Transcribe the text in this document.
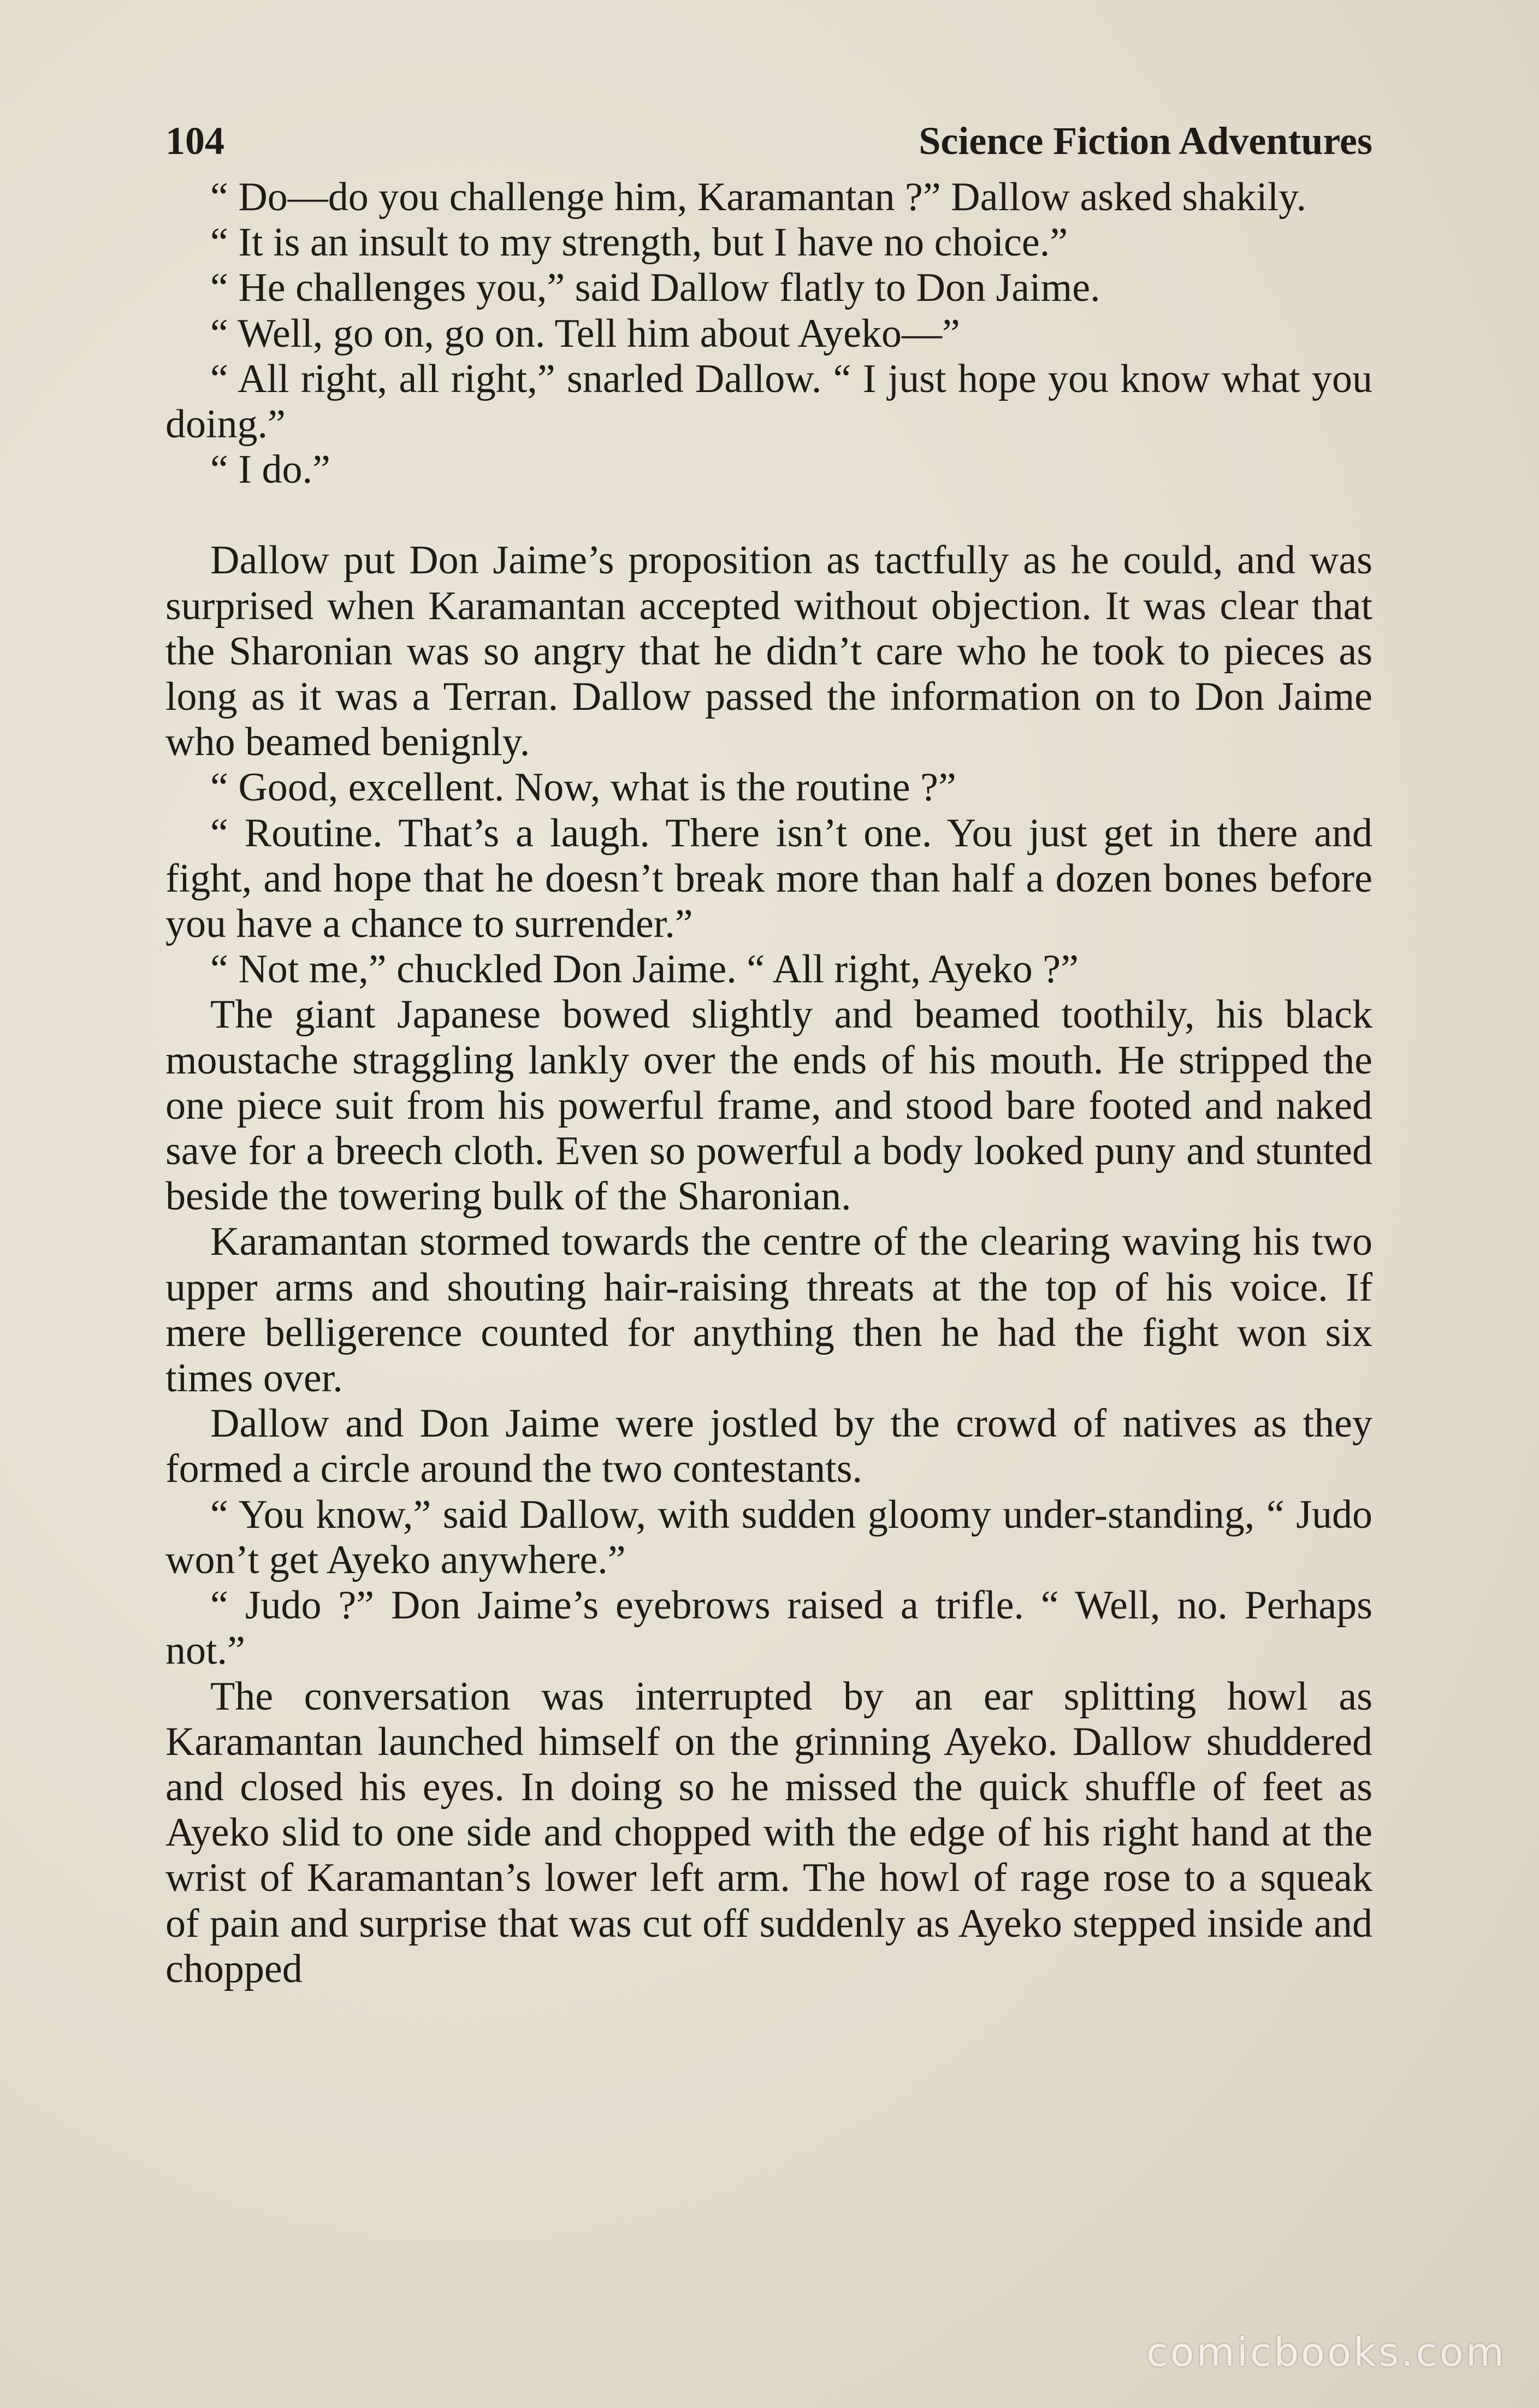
104	Science Fiction Adventures

“ Do—do you challenge him, Karamantan ?” Dallow asked shakily.

“ It is an insult to my strength, but I have no choice.”

“ He challenges you,” said Dallow flatly to Don Jaime.

“ Well, go on, go on. Tell him about Ayeko—”

“ All right, all right,” snarled Dallow. “ I just hope you know what you doing.”

“ I do.”

Dallow put Don Jaime’s proposition as tactfully as he could, and was surprised when Karamantan accepted without objection. It was clear that the Sharonian was so angry that he didn’t care who he took to pieces as long as it was a Terran. Dallow passed the information on to Don Jaime who beamed benignly.

“ Good, excellent. Now, what is the routine ?”

“ Routine. That’s a laugh. There isn’t one. You just get in there and fight, and hope that he doesn’t break more than half a dozen bones before you have a chance to surrender.”

“ Not me,” chuckled Don Jaime. “ All right, Ayeko ?”

The giant Japanese bowed slightly and beamed toothily, his black moustache straggling lankly over the ends of his mouth. He stripped the one piece suit from his powerful frame, and stood bare footed and naked save for a breech cloth. Even so powerful a body looked puny and stunted beside the towering bulk of the Sharonian.

Karamantan stormed towards the centre of the clearing waving his two upper arms and shouting hair-raising threats at the top of his voice. If mere belligerence counted for anything then he had the fight won six times over.

Dallow and Don Jaime were jostled by the crowd of natives as they formed a circle around the two contestants.

“ You know,” said Dallow, with sudden gloomy under-standing, “ Judo won’t get Ayeko anywhere.”

“ Judo ?” Don Jaime’s eyebrows raised a trifle. “ Well, no. Perhaps not.”

The conversation was interrupted by an ear splitting howl as Karamantan launched himself on the grinning Ayeko. Dallow shuddered and closed his eyes. In doing so he missed the quick shuffle of feet as Ayeko slid to one side and chopped with the edge of his right hand at the wrist of Karamantan’s lower left arm. The howl of rage rose to a squeak of pain and surprise that was cut off suddenly as Ayeko stepped inside and chopped

comicbooks.com
